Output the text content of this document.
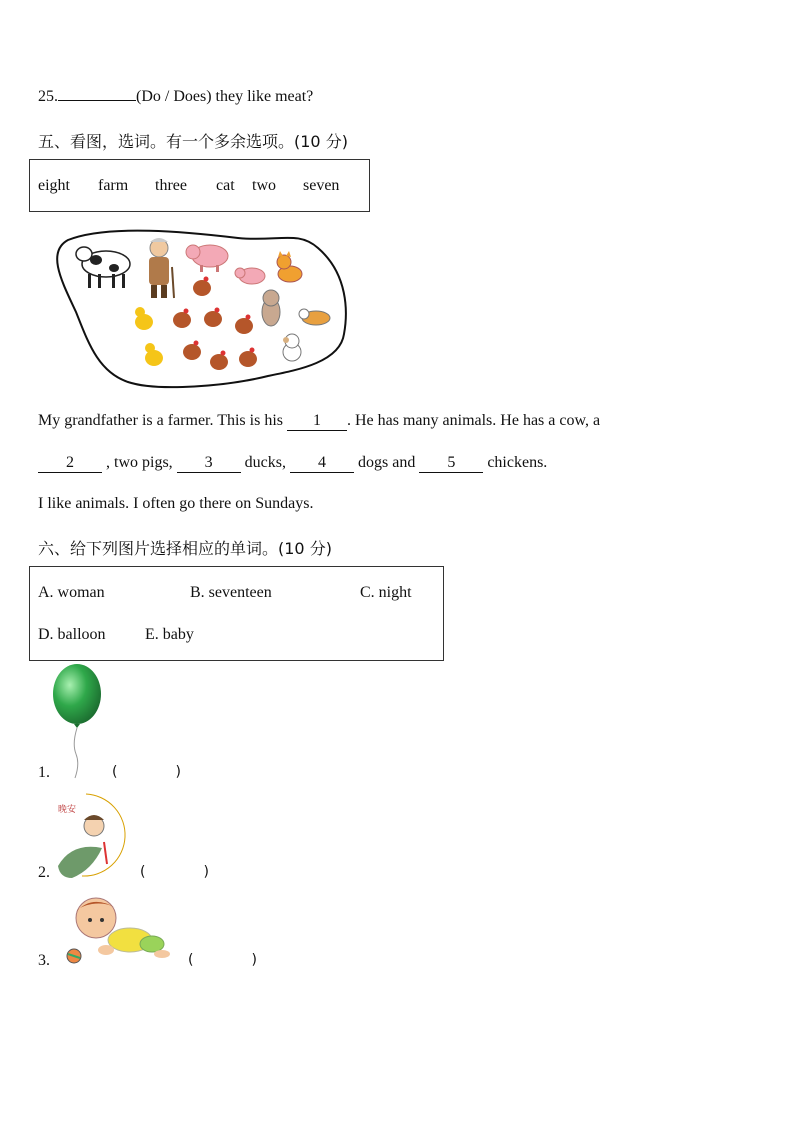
25.	(Do / Does) they like meat?
五、看图，选词。有一个多余选项。(10 分)
eight farm three cat two seven
My grandfather is a farmer. This is his 1 . He has many animals. He has a cow, a
2 , two pigs, 3 ducks, 4 dogs and 5 chickens.
I like animals. I often go there on Sundays.
六、给下列图片选择相应的单词。(10 分)
A. woman	B. seventeen	C. night
D. balloon E. baby
1.	(	)
2.
晚安
(	)
3.	(	)
